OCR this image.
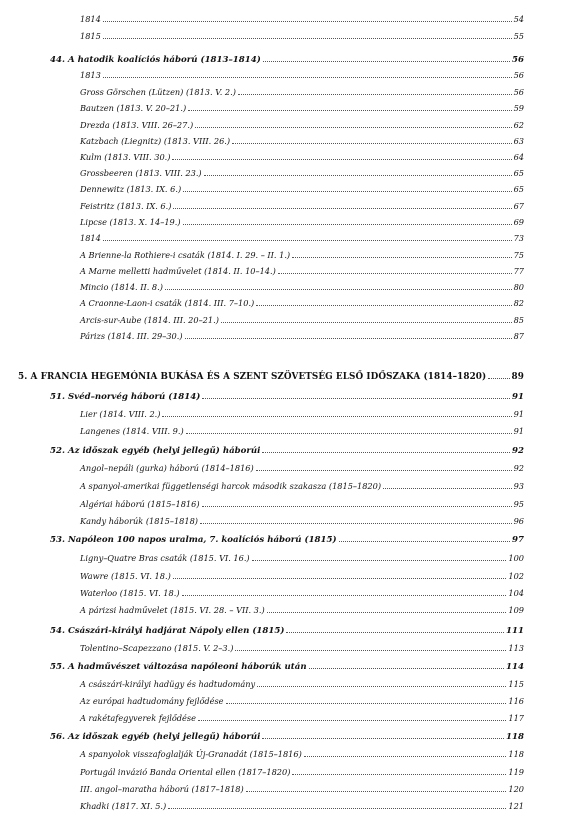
1814	54
1815	55
44. A hatodik koalíciós háború (1813–1814)	56
1813	56
Gross Görschen (Lützen) (1813. V. 2.)	56
Bautzen (1813. V. 20–21.)	59
Drezda (1813. VIII. 26–27.)	62
Katzbach (Liegnitz) (1813. VIII. 26.)	63
Kulm (1813. VIII. 30.)	64
Grossbeeren (1813. VIII. 23.)	65
Dennewitz (1813. IX. 6.)	65
Feistritz (1813. IX. 6.)	67
Lipcse (1813. X. 14–19.)	69
1814	73
A Brienne-la Rothiere-i csaták (1814. I. 29. – II. 1.)	75
A Marne melletti hadművelet (1814. II. 10–14.)	77
Mincio (1814. II. 8.)	80
A Craonne-Laon-i csaták (1814. III. 7–10.)	82
Arcis-sur-Aube (1814. III. 20–21.)	85
Párizs (1814. III. 29–30.)	87
5. A FRANCIA HEGEMÓNIA BUKÁSA ÉS A SZENT SZÖVETSÉG ELSŐ IDŐSZAKA (1814–1820)	89
51. Svéd–norvég háború (1814)	91
Lier (1814. VIII. 2.)	91
Langenes (1814. VIII. 9.)	91
52. Az időszak egyéb (helyi jellegű) háborúi	92
Angol–nepáli (gurka) háború (1814–1816)	92
A spanyol-amerikai függetlenségi harcok második szakasza (1815–1820)	93
Algériai háború (1815–1816)	95
Kandy háborúk (1815–1818)	96
53. Napóleon 100 napos uralma, 7. koalíciós háború (1815)	97
Ligny–Quatre Bras csaták (1815. VI. 16.)	100
Wawre (1815. VI. 18.)	102
Waterloo (1815. VI. 18.)	104
A párizsi hadművelet (1815. VI. 28. – VII. 3.)	109
54. Császári-királyi hadjárat Nápoly ellen (1815)	111
Tolentino–Scapezzano (1815. V. 2–3.)	113
55. A hadművészet változása napóleoni háborúk után	114
A császári-királyi hadügy és hadtudomány	115
Az európai hadtudomány fejlődése	116
A rakétafegyverek fejlődése	117
56. Az időszak egyéb (helyi jellegű) háborúi	118
A spanyolok visszafoglalják Új-Granadát (1815–1816)	118
Portugál invázió Banda Oriental ellen (1817–1820)	119
III. angol–maratha háború (1817–1818)	120
Khadki (1817. XI. 5.)	121
